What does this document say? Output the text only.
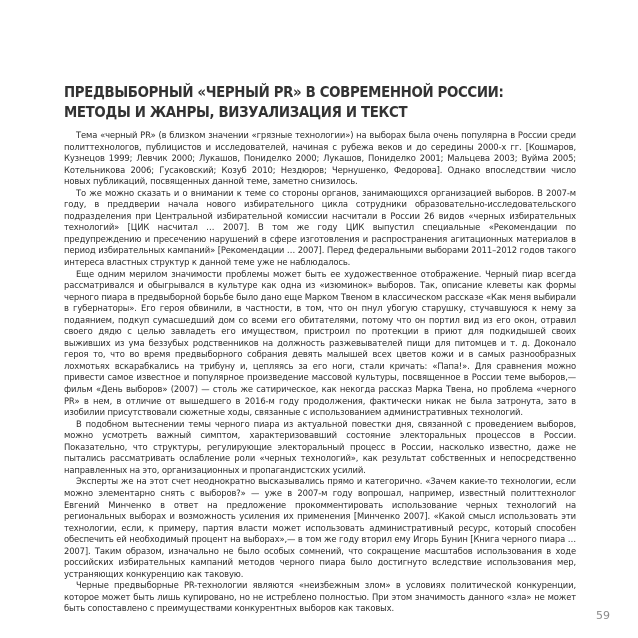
ПРЕДВЫБОРНЫЙ «ЧЕРНЫЙ PR» В СОВРЕМЕННОЙ РОССИИ:
МЕТОДЫ И ЖАНРЫ, ВИЗУАЛИЗАЦИЯ И ТЕКСТ

Тема «черный PR» (в близком значении «грязные технологии») на выборах была очень популярна в России среди политтехнологов, публицистов и исследователей, начиная с рубежа веков и до середины 2000-х гг. [Кошмаров, Кузнецов 1999; Левчик 2000; Лукашов, Пониделко 2000; Лукашов, Пониделко 2001; Мальцева 2003; Вуйма 2005; Котельникова 2006; Гусаковский; Козуб 2010; Нездюров; Чернушенко, Федорова]. Однако впоследствии число новых публикаций, посвященных данной теме, заметно снизилось.

То же можно сказать и о внимании к теме со стороны органов, занимающихся организацией выборов. В 2007-м году, в преддверии начала нового избирательного цикла сотрудники образовательно-исследовательского подразделения при Центральной избирательной комиссии насчитали в России 26 видов «черных избирательных технологий» [ЦИК насчитал … 2007]. В том же году ЦИК выпустил специальные «Рекомендации по предупреждению и пресечению нарушений в сфере изготовления и распространения агитационных материалов в период избирательных кампаний» [Рекомендации … 2007]. Перед федеральными выборами 2011–2012 годов такого интереса властных структур к данной теме уже не наблюдалось.

Еще одним мерилом значимости проблемы может быть ее художественное отображение. Черный пиар всегда рассматривался и обыгрывался в культуре как одна из «изюминок» выборов. Так, описание клеветы как формы черного пиара в предвыборной борьбе было дано еще Марком Твеном в классическом рассказе «Как меня выбирали в губернаторы». Его героя обвинили, в частности, в том, что он пнул убогую старушку, стучавшуюся к нему за подаянием, подкуп сумасшедший дом со всеми его обитателями, потому что он портил вид из его окон, отравил своего дядю с целью завладеть его имуществом, пристроил по протекции в приют для подкидышей своих выживших из ума беззубых родственников на должность разжевывателей пищи для питомцев и т. д. Доконало героя то, что во время предвыборного собрания девять малышей всех цветов кожи и в самых разнообразных лохмотьях вскарабкались на трибуну и, цепляясь за его ноги, стали кричать: «Папа!». Для сравнения можно привести самое известное и популярное произведение массовой культуры, посвященное в России теме выборов,— фильм «День выборов» (2007) — столь же сатирическое, как некогда рассказ Марка Твена, но проблема «черного PR» в нем, в отличие от вышедшего в 2016-м году продолжения, фактически никак не была затронута, зато в изобилии присутствовали сюжетные ходы, связанные с использованием административных технологий.

В подобном вытеснении темы черного пиара из актуальной повестки дня, связанной с проведением выборов, можно усмотреть важный симптом, характеризовавший состояние электоральных процессов в России. Показательно, что структуры, регулирующие электоральный процесс в России, насколько известно, даже не пытались рассматривать ослабление роли «черных технологий», как результат собственных и непосредственно направленных на это, организационных и пропагандистских усилий.

Эксперты же на этот счет неоднократно высказывались прямо и категорично. «Зачем какие-то технологии, если можно элементарно снять с выборов?» — уже в 2007-м году вопрошал, например, известный политтехнолог Евгений Минченко в ответ на предложение прокомментировать использование черных технологий на региональных выборах и возможность усиления их применения [Минченко 2007]. «Какой смысл использовать эти технологии, если, к примеру, партия власти может использовать административный ресурс, который способен обеспечить ей необходимый процент на выборах»,— в том же году вторил ему Игорь Бунин [Книга черного пиара … 2007]. Таким образом, изначально не было особых сомнений, что сокращение масштабов использования в ходе российских избирательных кампаний методов черного пиара было достигнуто вследствие использования мер, устраняющих конкуренцию как таковую.

Черные предвыборные PR-технологии являются «неизбежным злом» в условиях политической конкуренции, которое может быть лишь купировано, но не истреблено полностью. При этом значимость данного «зла» не может быть сопоставлено с преимуществами конкурентных выборов как таковых.

59
